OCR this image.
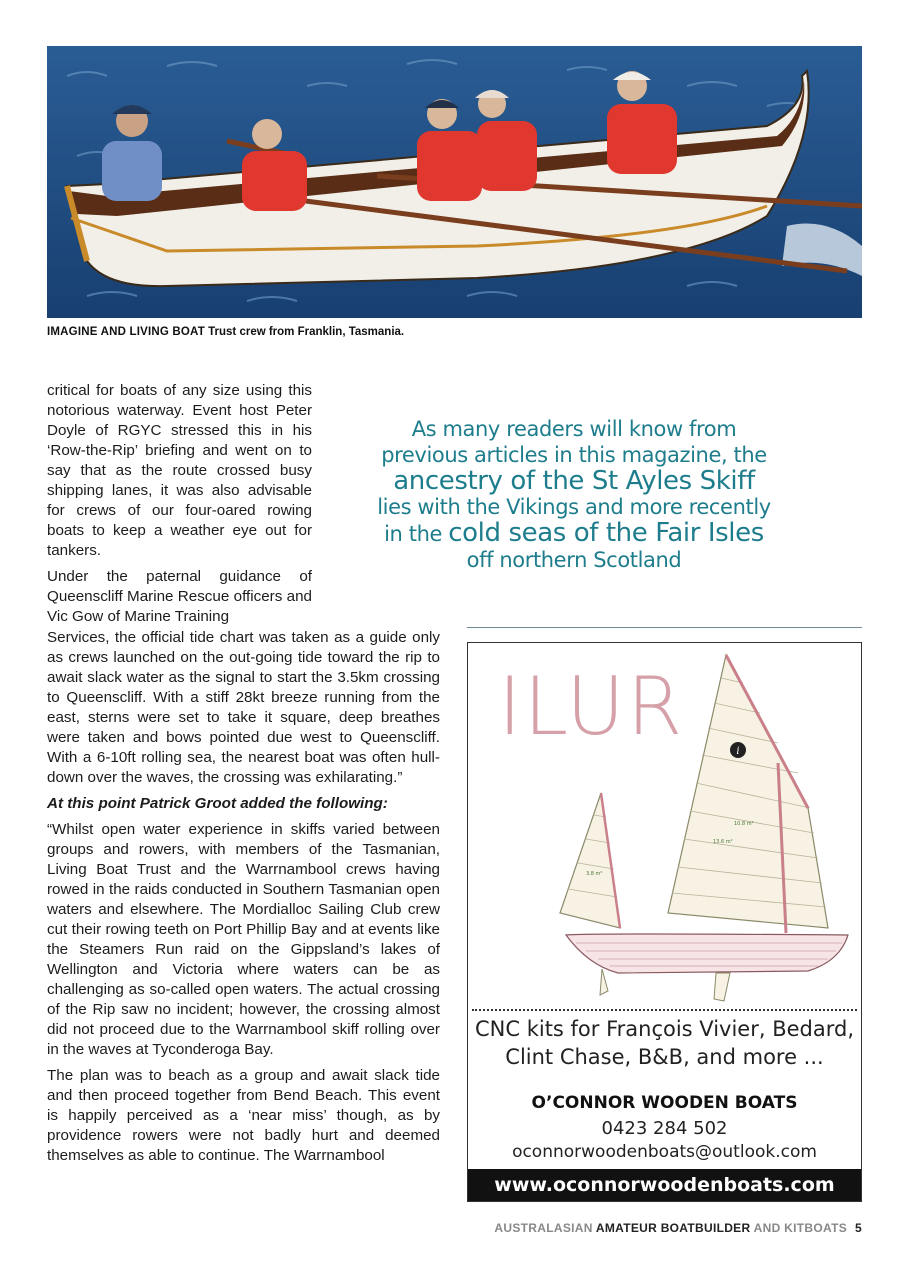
IMAGINE AND LIVING BOAT Trust crew from Franklin, Tasmania.

critical for boats of any size using this notorious waterway. Event host Peter Doyle of RGYC stressed this in his ‘Row-the-Rip’ briefing and went on to say that as the route crossed busy shipping lanes, it was also advisable for crews of our four-oared rowing boats to keep a weather eye out for tankers.

Under the paternal guidance of Queenscliff Marine Rescue officers and Vic Gow of Marine Training

As many readers will know from
previous articles in this magazine, the
ancestry of the St Ayles Skiff
lies with the Vikings and more recently
in the cold seas of the Fair Isles
off northern Scotland

Services, the official tide chart was taken as a guide only as crews launched on the out-going tide toward the rip to await slack water as the signal to start the 3.5km crossing to Queenscliff. With a stiff 28kt breeze running from the east, sterns were set to take it square, deep breathes were taken and bows pointed due west to Queenscliff. With a 6-10ft rolling sea, the nearest boat was often hull-down over the waves, the crossing was exhilarating.”

At this point Patrick Groot added the following:

“Whilst open water experience in skiffs varied between groups and rowers, with members of the Tasmanian, Living Boat Trust and the Warrnambool crews having rowed in the raids conducted in Southern Tasmanian open waters and elsewhere. The Mordialloc Sailing Club crew cut their rowing teeth on Port Phillip Bay and at events like the Steamers Run raid on the Gippsland’s lakes of Wellington and Victoria where waters can be as challenging as so-called open waters. The actual crossing of the Rip saw no incident; however, the crossing almost did not proceed due to the Warrnambool skiff rolling over in the waves at Tyconderoga Bay.

The plan was to beach as a group and await slack tide and then proceed together from Bend Beach. This event is happily perceived as a ‘near miss’ though, as by providence rowers were not badly hurt and deemed themselves as able to continue. The Warrnambool

i
10.8 m²
13.6 m²
3.8 m²
ILUR
CNC kits for François Vivier, Bedard,
Clint Chase, B&B, and more ...
O’CONNOR WOODEN BOATS
0423 284 502
oconnorwoodenboats@outlook.com
www.oconnorwoodenboats.com
AUSTRALASIAN AMATEUR BOATBUILDER AND KITBOATS 5
